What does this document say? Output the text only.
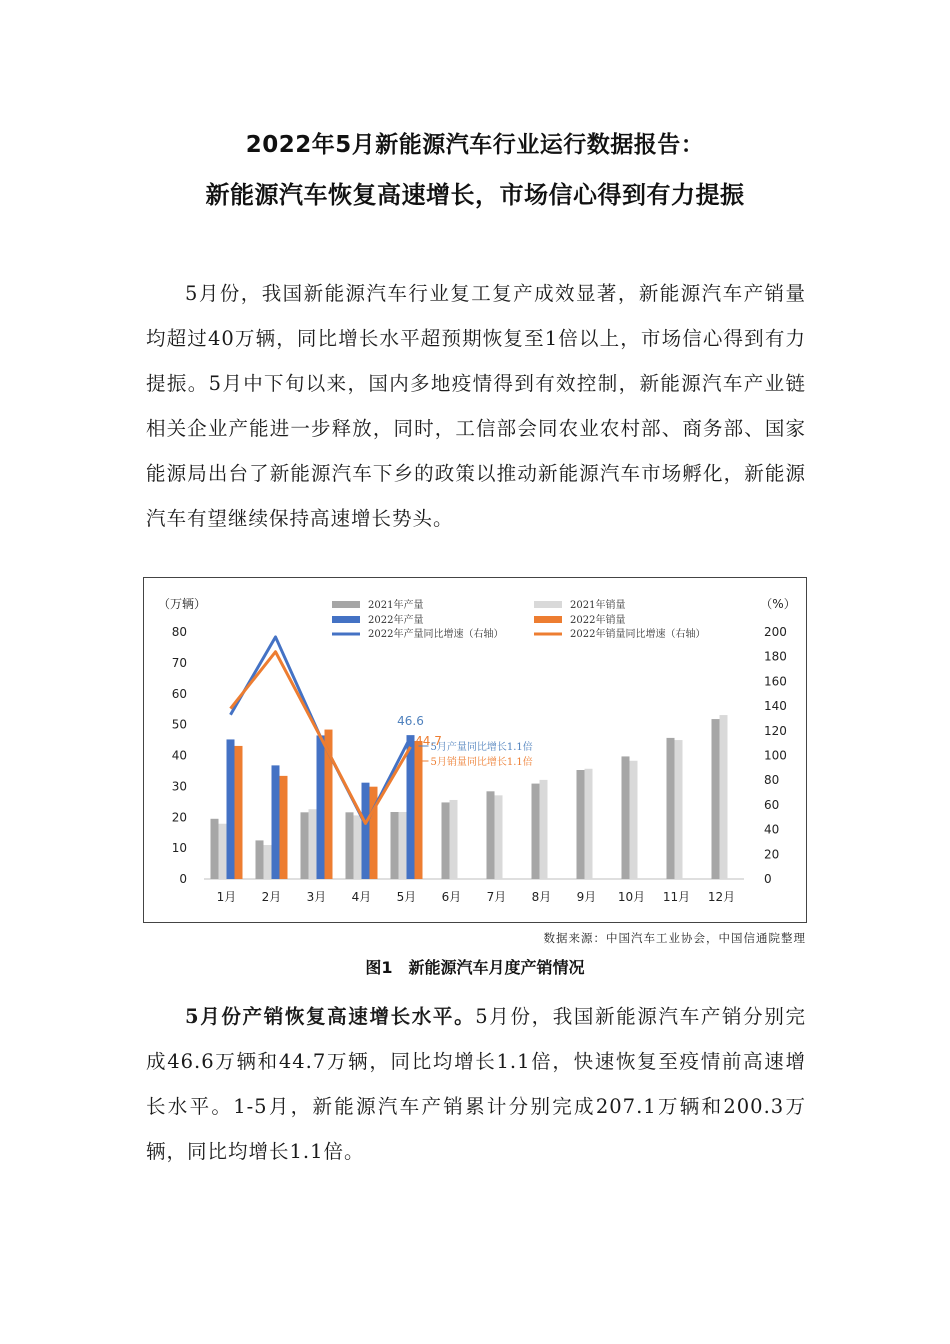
2022年5月新能源汽车行业运行数据报告：
新能源汽车恢复高速增长，市场信心得到有力提振
5月份，我国新能源汽车行业复工复产成效显著，新能源汽车产销量均超过40万辆，同比增长水平超预期恢复至1倍以上，市场信心得到有力提振。5月中下旬以来，国内多地疫情得到有效控制，新能源汽车产业链相关企业产能进一步释放，同时，工信部会同农业农村部、商务部、国家能源局出台了新能源汽车下乡的政策以推动新能源汽车市场孵化，新能源汽车有望继续保持高速增长势头。
（万辆）	（%）
0
10
20
30
40
50
60
70
80
0
20
40
60
80
100
120
140
160
180
200
1月 2月 3月 4月 5月 6月 7月 8月 9月 10月 11月 12月
46.6
44.7
5月产量同比增长1.1倍
5月销量同比增长1.1倍
2021年产量	2021年销量
2022年产量	2022年销量
2022年产量同比增速（右轴）	2022年销量同比增速（右轴）
数据来源：中国汽车工业协会，中国信通院整理
图1　新能源汽车月度产销情况
5月份产销恢复高速增长水平。5月份，我国新能源汽车产销分别完成46.6万辆和44.7万辆，同比均增长1.1倍，快速恢复至疫情前高速增长水平。1-5月，新能源汽车产销累计分别完成207.1万辆和200.3万辆，同比均增长1.1倍。
